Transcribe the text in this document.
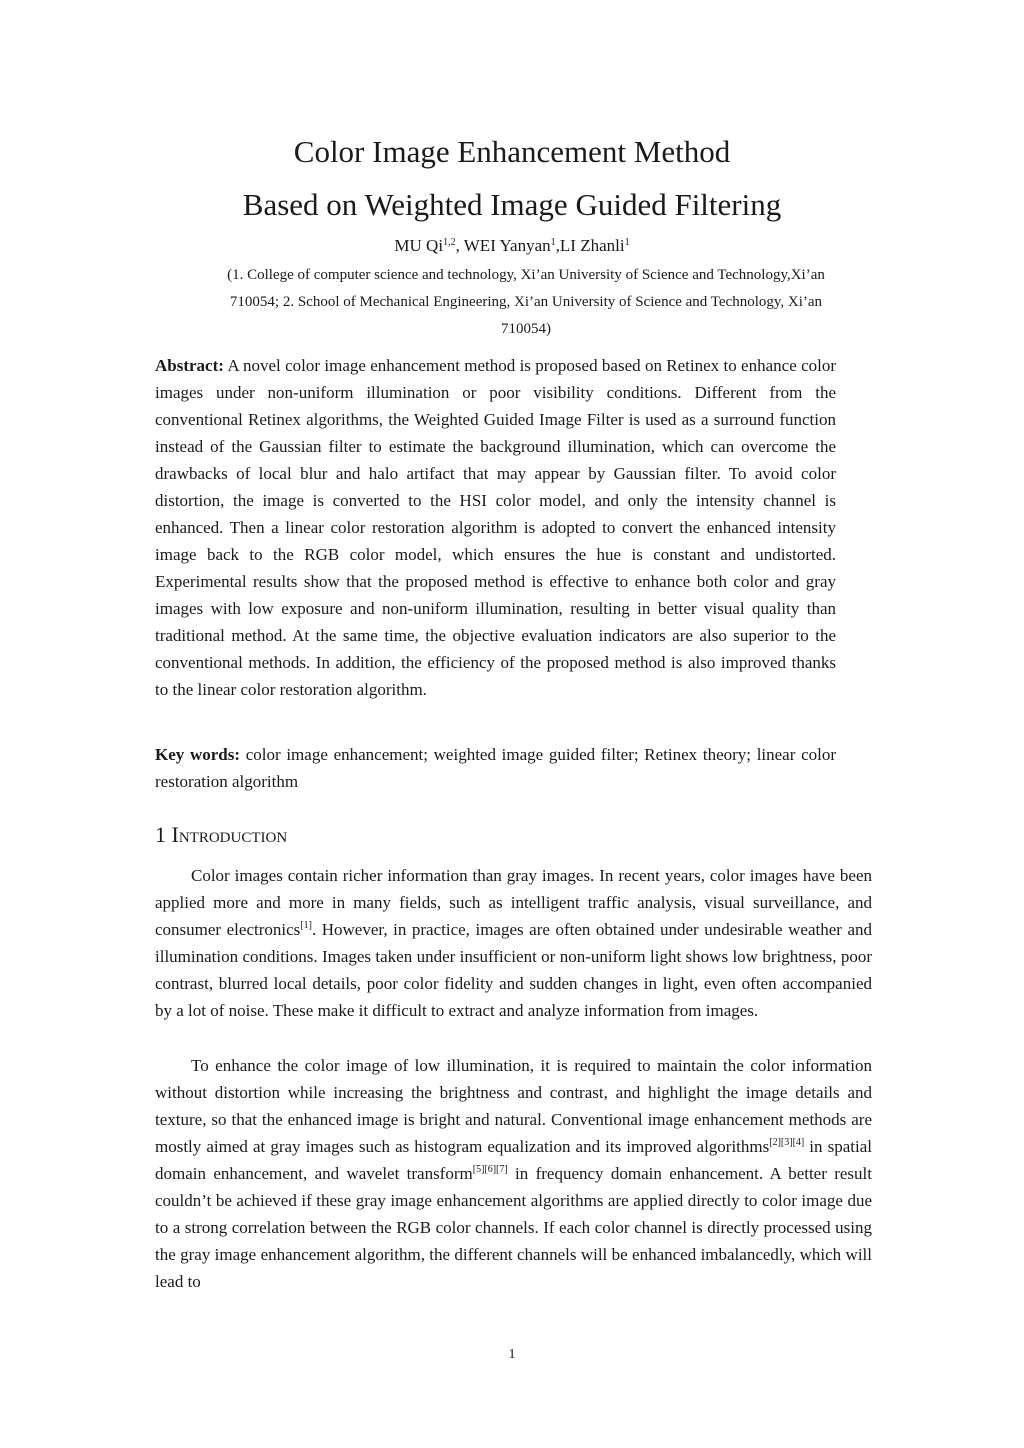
Color Image Enhancement Method
Based on Weighted Image Guided Filtering
MU Qi$^{1,2}$, WEI Yanyan$^1$,LI Zhanli$^1$
(1. College of computer science and technology, Xi’an University of Science and Technology,Xi’an 710054; 2. School of Mechanical Engineering, Xi’an University of Science and Technology, Xi’an 710054)
Abstract: A novel color image enhancement method is proposed based on Retinex to enhance color images under non-uniform illumination or poor visibility conditions. Different from the conventional Retinex algorithms, the Weighted Guided Image Filter is used as a surround function instead of the Gaussian filter to estimate the background illumination, which can overcome the drawbacks of local blur and halo artifact that may appear by Gaussian filter. To avoid color distortion, the image is converted to the HSI color model, and only the intensity channel is enhanced. Then a linear color restoration algorithm is adopted to convert the enhanced intensity image back to the RGB color model, which ensures the hue is constant and undistorted. Experimental results show that the proposed method is effective to enhance both color and gray images with low exposure and non-uniform illumination, resulting in better visual quality than traditional method. At the same time, the objective evaluation indicators are also superior to the conventional methods. In addition, the efficiency of the proposed method is also improved thanks to the linear color restoration algorithm.
Key words: color image enhancement; weighted image guided filter; Retinex theory; linear color restoration algorithm
1 Introduction
Color images contain richer information than gray images. In recent years, color images have been applied more and more in many fields, such as intelligent traffic analysis, visual surveillance, and consumer electronics[1]. However, in practice, images are often obtained under undesirable weather and illumination conditions. Images taken under insufficient or non-uniform light shows low brightness, poor contrast, blurred local details, poor color fidelity and sudden changes in light, even often accompanied by a lot of noise. These make it difficult to extract and analyze information from images.
To enhance the color image of low illumination, it is required to maintain the color information without distortion while increasing the brightness and contrast, and highlight the image details and texture, so that the enhanced image is bright and natural. Conventional image enhancement methods are mostly aimed at gray images such as histogram equalization and its improved algorithms[2][3][4] in spatial domain enhancement, and wavelet transform[5][6][7] in frequency domain enhancement. A better result couldn’t be achieved if these gray image enhancement algorithms are applied directly to color image due to a strong correlation between the RGB color channels. If each color channel is directly processed using the gray image enhancement algorithm, the different channels will be enhanced imbalancedly, which will lead to
1
